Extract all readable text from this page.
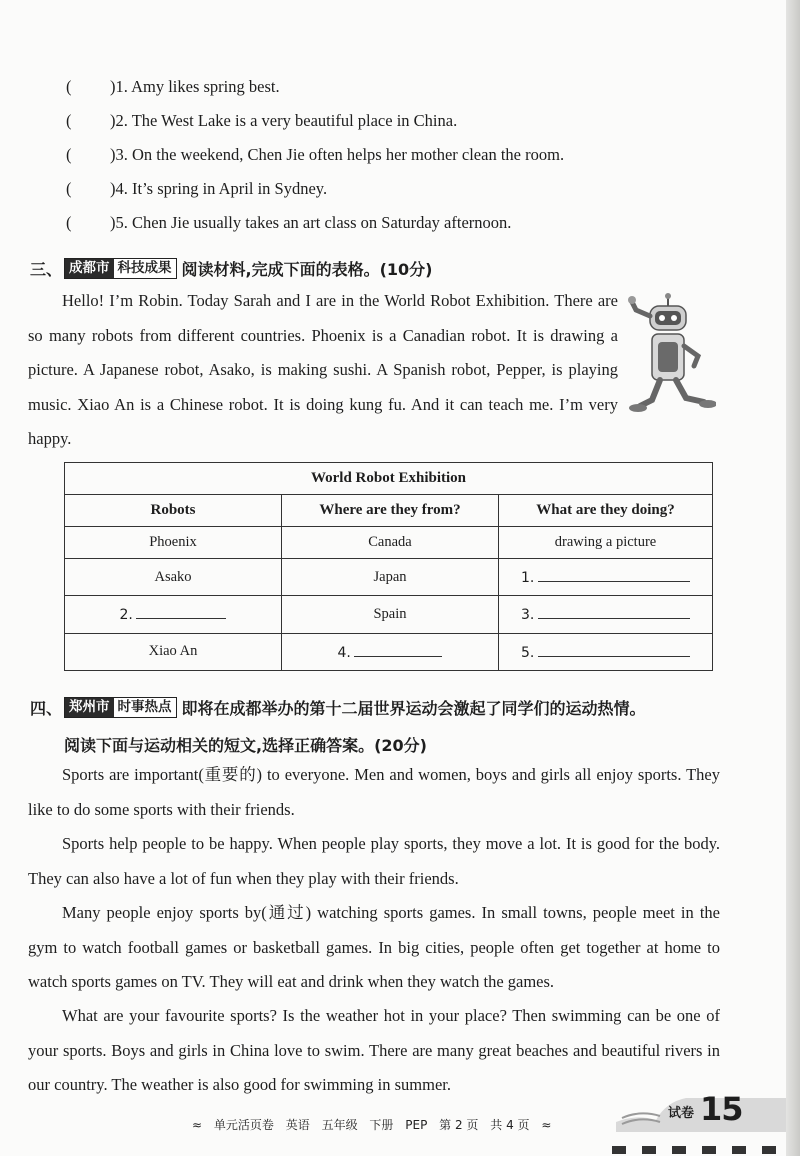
( )1. Amy likes spring best.
( )2. The West Lake is a very beautiful place in China.
( )3. On the weekend, Chen Jie often helps her mother clean the room.
( )4. It’s spring in April in Sydney.
( )5. Chen Jie usually takes an art class on Saturday afternoon.
三、 成都市 科技成果 阅读材料,完成下面的表格。(10分)

Hello! I’m Robin. Today Sarah and I are in the World Robot Exhibition. There are so many robots from different countries. Phoenix is a Canadian robot. It is drawing a picture. A Japanese robot, Asako, is making sushi. A Spanish robot, Pepper, is playing music. Xiao An is a Chinese robot. It is doing kung fu. And it can teach me. I’m very happy.

World Robot Exhibition		
Robots	Where are they from?	What are they doing?
Phoenix	Canada	drawing a picture
Asako	Japan	1.
2.	Spain	3.
Xiao An	4.	5.
四、 郑州市 时事热点 即将在成都举办的第十二届世界运动会激起了同学们的运动热情。
阅读下面与运动相关的短文,选择正确答案。(20分)

Sports are important(重要的) to everyone. Men and women, boys and girls all enjoy sports. They like to do some sports with their friends.

Sports help people to be happy. When people play sports, they move a lot. It is good for the body. They can also have a lot of fun when they play with their friends.

Many people enjoy sports by(通过) watching sports games. In small towns, people meet in the gym to watch football games or basketball games. In big cities, people often get together at home to watch sports games on TV. They will eat and drink when they watch the games.

What are your favourite sports? Is the weather hot in your place? Then swimming can be one of your sports. Boys and girls in China love to swim. There are many great beaches and beautiful rivers in our country. The weather is also good for swimming in summer.

≈ 单元活页卷 英语 五年级 下册 PEP 第 2 页 共 4 页 ≈
试卷 15
